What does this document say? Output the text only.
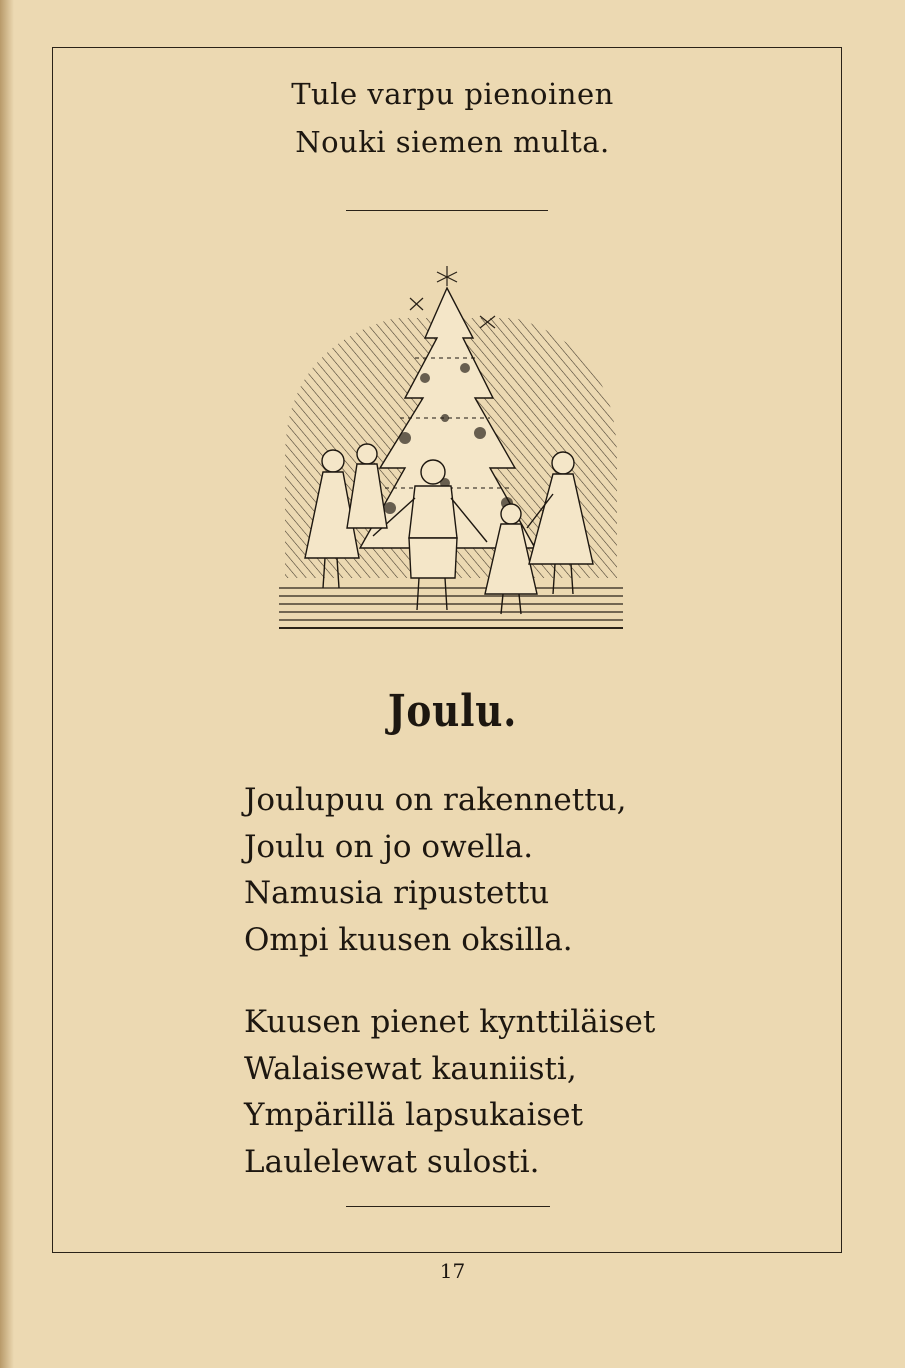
Tule varpu pienoinen
Nouki siemen multa.
Joulu.
Joulupuu on rakennettu,
Joulu on jo owella.
Namusia ripustettu
Ompi kuusen oksilla.
Kuusen pienet kynttiläiset
Walaisewat kauniisti,
Ympärillä lapsukaiset
Laulelewat sulosti.
17
